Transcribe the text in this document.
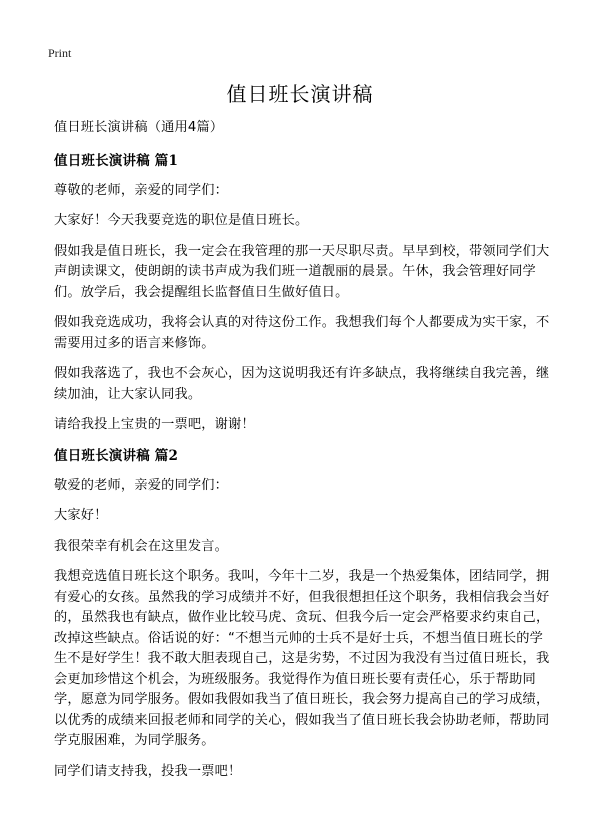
Print
值日班长演讲稿

值日班长演讲稿（通用4篇）

值日班长演讲稿 篇1

尊敬的老师，亲爱的同学们：

大家好！今天我要竞选的职位是值日班长。

假如我是值日班长，我一定会在我管理的那一天尽职尽责。早早到校，带领同学们大声朗读课文，使朗朗的读书声成为我们班一道靓丽的晨景。午休，我会管理好同学们。放学后，我会提醒组长监督值日生做好值日。

假如我竞选成功，我将会认真的对待这份工作。我想我们每个人都要成为实干家，不需要用过多的语言来修饰。

假如我落选了，我也不会灰心，因为这说明我还有许多缺点，我将继续自我完善，继续加油，让大家认同我。

请给我投上宝贵的一票吧，谢谢！

值日班长演讲稿 篇2

敬爱的老师，亲爱的同学们：

大家好！

我很荣幸有机会在这里发言。

我想竞选值日班长这个职务。我叫，今年十二岁，我是一个热爱集体，团结同学，拥有爱心的女孩。虽然我的学习成绩并不好，但我很想担任这个职务，我相信我会当好的，虽然我也有缺点，做作业比较马虎、贪玩、但我今后一定会严格要求约束自己，改掉这些缺点。俗话说的好：“不想当元帅的士兵不是好士兵，不想当值日班长的学生不是好学生！我不敢大胆表现自己，这是劣势，不过因为我没有当过值日班长，我会更加珍惜这个机会，为班级服务。我觉得作为值日班长要有责任心，乐于帮助同学，愿意为同学服务。假如我假如我当了值日班长，我会努力提高自己的学习成绩，以优秀的成绩来回报老师和同学的关心，假如我当了值日班长我会协助老师，帮助同学克服困难，为同学服务。

同学们请支持我，投我一票吧！
